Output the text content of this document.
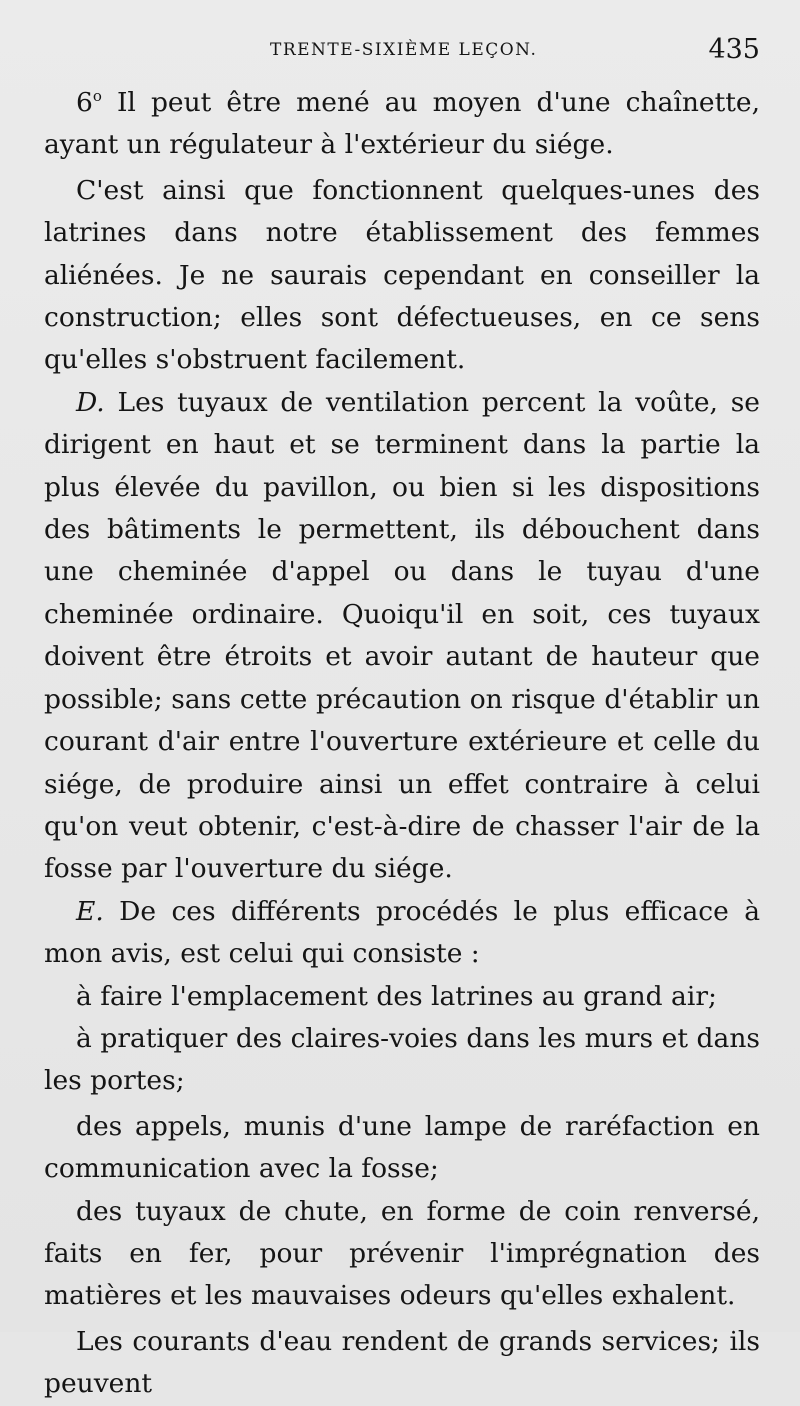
TRENTE-SIXIÈME LEÇON.	435

6$^o$ Il peut être mené au moyen d'une chaînette, ayant un régulateur à l'extérieur du siége.

C'est ainsi que fonctionnent quelques-unes des latrines dans notre établissement des femmes aliénées. Je ne saurais cependant en conseiller la construction; elles sont défectueuses, en ce sens qu'elles s'obstruent facilement.

D. Les tuyaux de ventilation percent la voûte, se dirigent en haut et se terminent dans la partie la plus élevée du pavillon, ou bien si les dispositions des bâtiments le permettent, ils débouchent dans une cheminée d'appel ou dans le tuyau d'une cheminée ordinaire. Quoiqu'il en soit, ces tuyaux doivent être étroits et avoir autant de hauteur que possible; sans cette précaution on risque d'établir un courant d'air entre l'ouverture extérieure et celle du siége, de produire ainsi un effet contraire à celui qu'on veut obtenir, c'est-à-dire de chasser l'air de la fosse par l'ouverture du siége.

E. De ces différents procédés le plus efficace à mon avis, est celui qui consiste :

à faire l'emplacement des latrines au grand air;

à pratiquer des claires-voies dans les murs et dans les portes;

des appels, munis d'une lampe de raréfaction en communication avec la fosse;

des tuyaux de chute, en forme de coin renversé, faits en fer, pour prévenir l'imprégnation des matières et les mauvaises odeurs qu'elles exhalent.

Les courants d'eau rendent de grands services; ils peuvent
